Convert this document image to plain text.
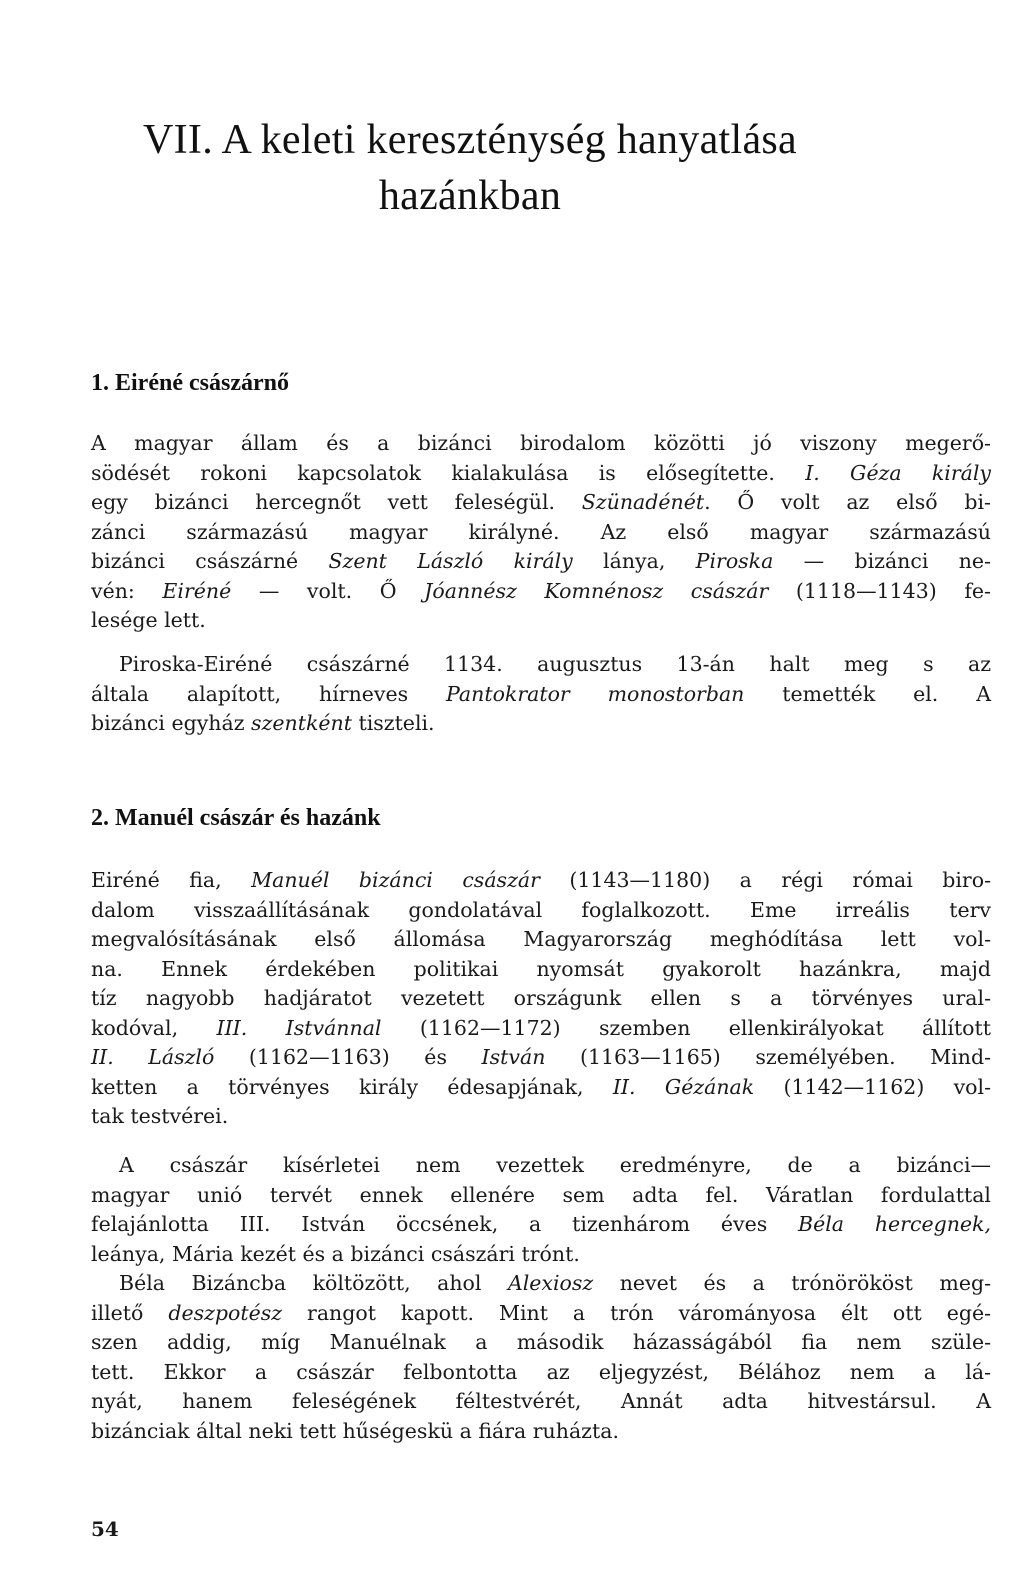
VII. A keleti kereszténység hanyatlása
hazánkban
1. Eiréné császárnő
A magyar állam és a bizánci birodalom közötti jó viszony megerő-
södését rokoni kapcsolatok kialakulása is elősegítette. I. Géza király
egy bizánci hercegnőt vett feleségül. Szünadénét. Ő volt az első bi-
zánci származású magyar királyné. Az első magyar származású
bizánci császárné Szent László király lánya, Piroska — bizánci ne-
vén: Eiréné — volt. Ő Jóannész Komnénosz császár (1118—1143) fe-
lesége lett.
Piroska-Eiréné császárné 1134. augusztus 13-án halt meg s az
általa alapított, hírneves Pantokrator monostorban temették el. A
bizánci egyház szentként tiszteli.
2. Manuél császár és hazánk
Eiréné fia, Manuél bizánci császár (1143—1180) a régi római biro-
dalom visszaállításának gondolatával foglalkozott. Eme irreális terv
megvalósításának első állomása Magyarország meghódítása lett vol-
na. Ennek érdekében politikai nyomsát gyakorolt hazánkra, majd
tíz nagyobb hadjáratot vezetett országunk ellen s a törvényes ural-
kodóval, III. Istvánnal (1162—1172) szemben ellenkirályokat állított
II. László (1162—1163) és István (1163—1165) személyében. Mind-
ketten a törvényes király édesapjának, II. Gézának (1142—1162) vol-
tak testvérei.
A császár kísérletei nem vezettek eredményre, de a bizánci—
magyar unió tervét ennek ellenére sem adta fel. Váratlan fordulattal
felajánlotta III. István öccsének, a tizenhárom éves Béla hercegnek,
leánya, Mária kezét és a bizánci császári trónt.
Béla Bizáncba költözött, ahol Alexiosz nevet és a trónörököst meg-
illető deszpotész rangot kapott. Mint a trón várományosa élt ott egé-
szen addig, míg Manuélnak a második házasságából fia nem szüle-
tett. Ekkor a császár felbontotta az eljegyzést, Bélához nem a lá-
nyát, hanem feleségének féltestvérét, Annát adta hitvestársul. A
bizánciak által neki tett hűségeskü a fiára ruházta.
54
